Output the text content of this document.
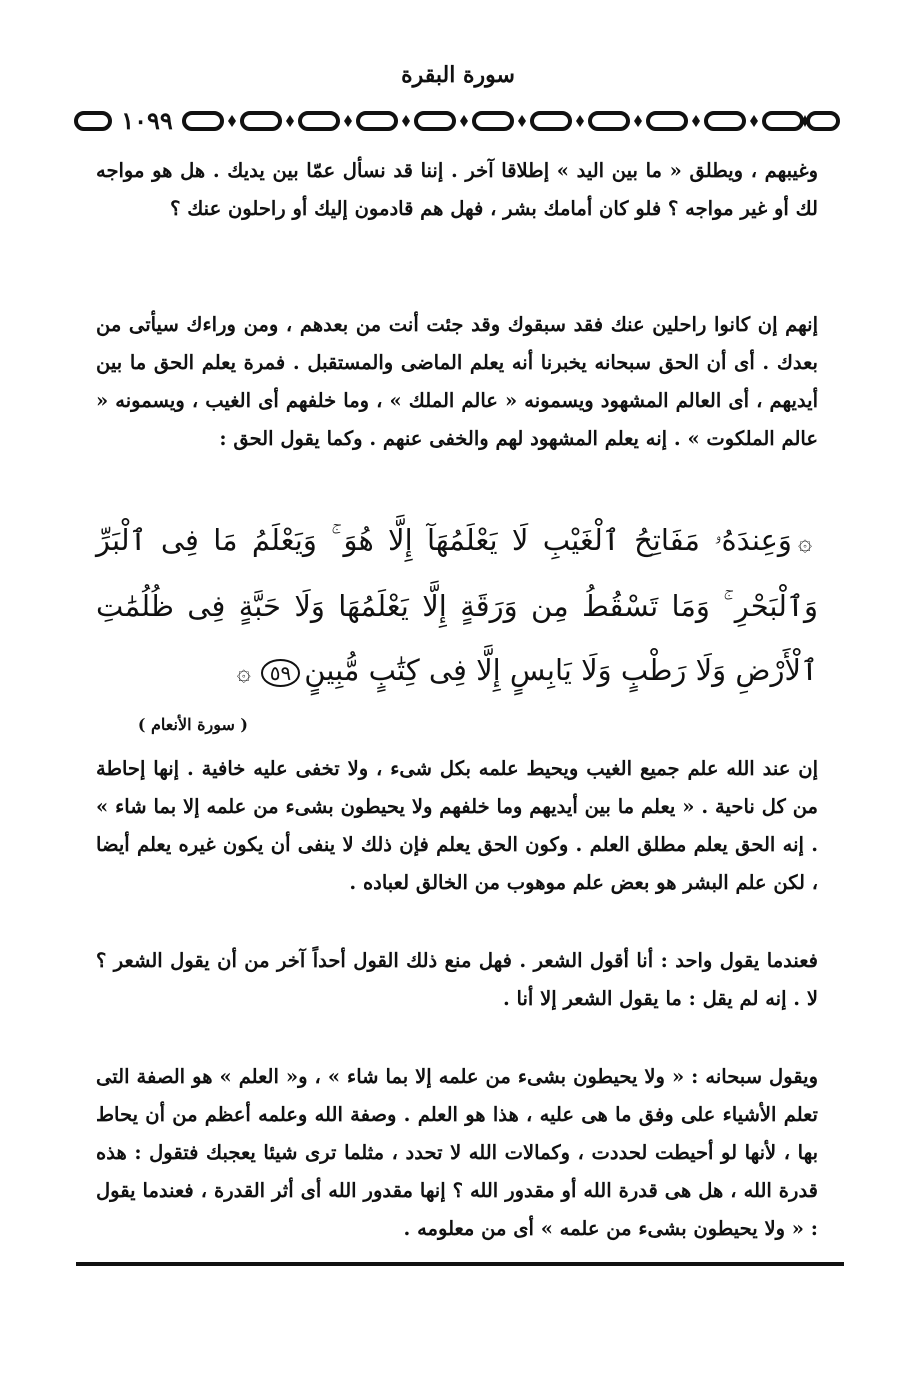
سورة البقرة
١٠٩٩

وغيبهم ، ويطلق « ما بين اليد » إطلاقا آخر . إننا قد نسأل عمّا بين يديك . هل هو مواجه لك أو غير مواجه ؟ فلو كان أمامك بشر ، فهل هم قادمون إليك أو راحلون عنك ؟

إنهم إن كانوا راحلين عنك فقد سبقوك وقد جئت أنت من بعدهم ، ومن وراءك سيأتى من بعدك . أى أن الحق سبحانه يخبرنا أنه يعلم الماضى والمستقبل . فمرة يعلم الحق ما بين أيديهم ، أى العالم المشهود ويسمونه « عالم الملك » ، وما خلفهم أى الغيب ، ويسمونه « عالم الملكوت » . إنه يعلم المشهود لهم والخفى عنهم . وكما يقول الحق :

۞وَعِندَهُۥ مَفَاتِحُ ٱلْغَيْبِ لَا يَعْلَمُهَآ إِلَّا هُوَ ۚ وَيَعْلَمُ مَا فِى ٱلْبَرِّ وَٱلْبَحْرِ ۚ وَمَا تَسْقُطُ مِن وَرَقَةٍ إِلَّا يَعْلَمُهَا وَلَا حَبَّةٍ فِى ظُلُمَٰتِ ٱلْأَرْضِ وَلَا رَطْبٍ وَلَا يَابِسٍ إِلَّا فِى كِتَٰبٍ مُّبِينٍ٥٩۞
( سورة الأنعام )

إن عند الله علم جميع الغيب ويحيط علمه بكل شىء ، ولا تخفى عليه خافية . إنها إحاطة من كل ناحية . « يعلم ما بين أيديهم وما خلفهم ولا يحيطون بشىء من علمه إلا بما شاء » . إنه الحق يعلم مطلق العلم . وكون الحق يعلم فإن ذلك لا ينفى أن يكون غيره يعلم أيضا ، لكن علم البشر هو بعض علم موهوب من الخالق لعباده .

فعندما يقول واحد : أنا أقول الشعر . فهل منع ذلك القول أحداً آخر من أن يقول الشعر ؟ لا . إنه لم يقل : ما يقول الشعر إلا أنا .

ويقول سبحانه : « ولا يحيطون بشىء من علمه إلا بما شاء » ، و« العلم » هو الصفة التى تعلم الأشياء على وفق ما هى عليه ، هذا هو العلم . وصفة الله وعلمه أعظم من أن يحاط بها ، لأنها لو أحيطت لحددت ، وكمالات الله لا تحدد ، مثلما ترى شيئا يعجبك فتقول : هذه قدرة الله ، هل هى قدرة الله أو مقدور الله ؟ إنها مقدور الله أى أثر القدرة ، فعندما يقول : « ولا يحيطون بشىء من علمه » أى من معلومه .
